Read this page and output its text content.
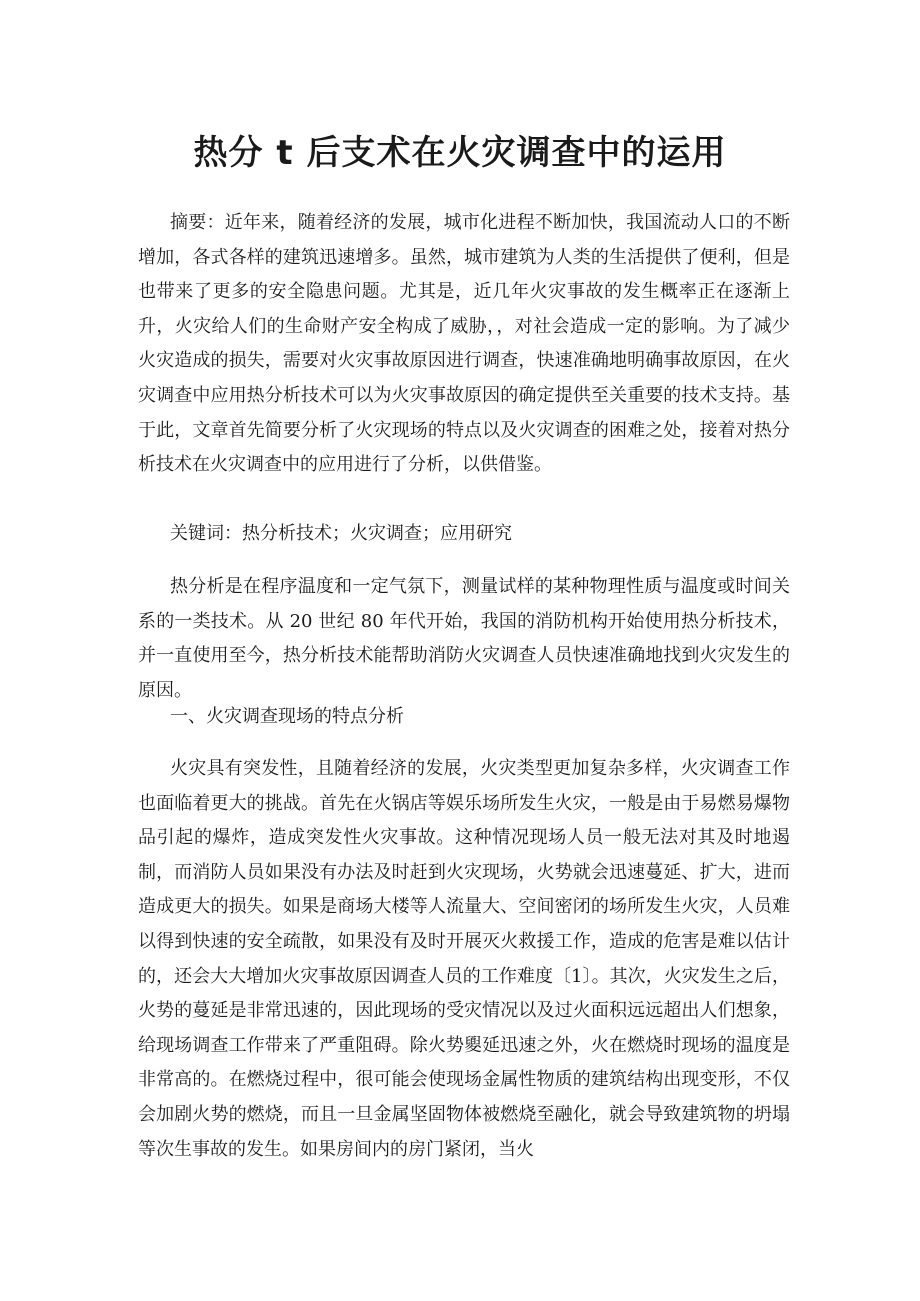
热分 t 后支术在火灾调查中的运用

摘要：近年来，随着经济的发展，城市化进程不断加快，我国流动人口的不断增加，各式各样的建筑迅速增多。虽然，城市建筑为人类的生活提供了便利，但是也带来了更多的安全隐患问题。尤其是，近几年火灾事故的发生概率正在逐渐上升，火灾给人们的生命财产安全构成了威胁，，对社会造成一定的影响。为了减少火灾造成的损失，需要对火灾事故原因进行调查，快速准确地明确事故原因，在火灾调查中应用热分析技术可以为火灾事故原因的确定提供至关重要的技术支持。基于此，文章首先简要分析了火灾现场的特点以及火灾调查的困难之处，接着对热分析技术在火灾调查中的应用进行了分析，以供借鉴。

关键词：热分析技术；火灾调查；应用研究

热分析是在程序温度和一定气氛下，测量试样的某种物理性质与温度或时间关系的一类技术。从 20 世纪 80 年代开始，我国的消防机构开始使用热分析技术，并一直使用至今，热分析技术能帮助消防火灾调查人员快速准确地找到火灾发生的原因。

一、火灾调查现场的特点分析

火灾具有突发性，且随着经济的发展，火灾类型更加复杂多样，火灾调查工作也面临着更大的挑战。首先在火锅店等娱乐场所发生火灾，一般是由于易燃易爆物品引起的爆炸，造成突发性火灾事故。这种情况现场人员一般无法对其及时地遏制，而消防人员如果没有办法及时赶到火灾现场，火势就会迅速蔓延、扩大，进而造成更大的损失。如果是商场大楼等人流量大、空间密闭的场所发生火灾，人员难以得到快速的安全疏散，如果没有及时开展灭火救援工作，造成的危害是难以估计的，还会大大增加火灾事故原因调查人员的工作难度〔1〕。其次，火灾发生之后，火势的蔓延是非常迅速的，因此现场的受灾情况以及过火面积远远超出人们想象，给现场调查工作带来了严重阻碍。除火势夓延迅速之外，火在燃烧时现场的温度是非常高的。在燃烧过程中，很可能会使现场金属性物质的建筑结构出现变形，不仅会加剧火势的燃烧，而且一旦金属坚固物体被燃烧至融化，就会导致建筑物的坍塌等次生事故的发生。如果房间内的房门紧闭，当火
